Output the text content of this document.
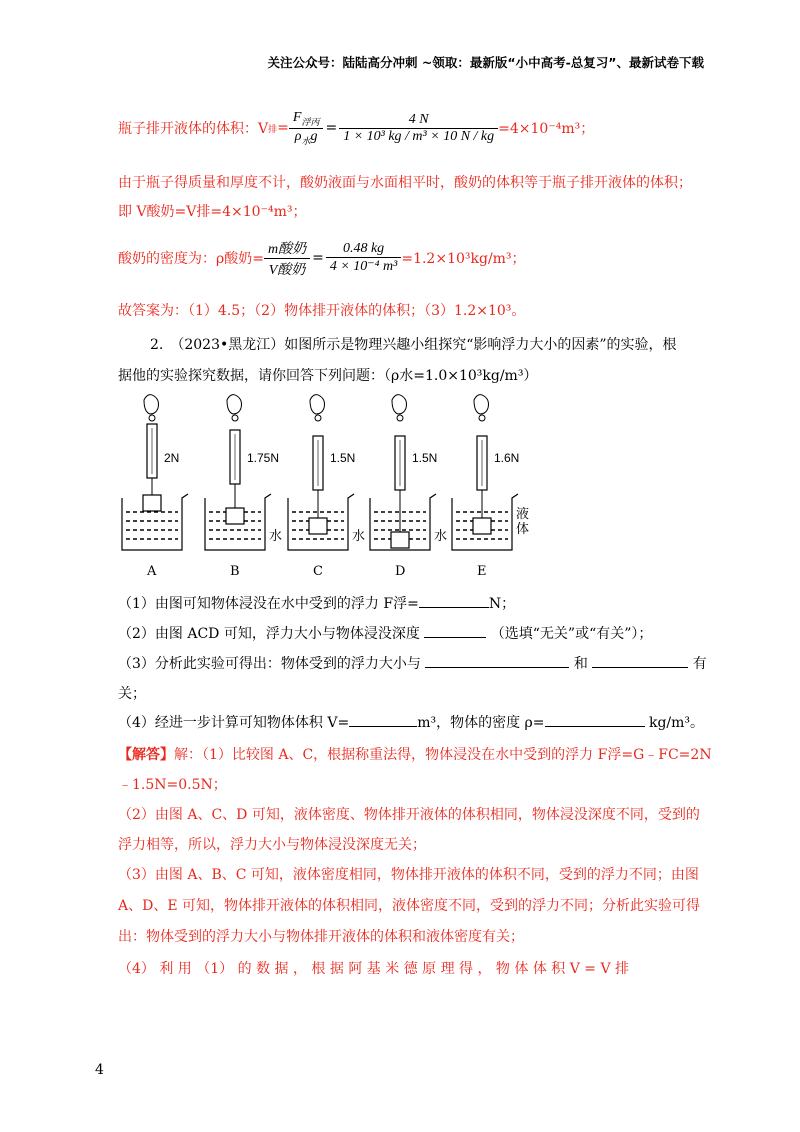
关注公众号：陆陆高分冲刺 ~领取：最新版“小中高考-总复习”、最新试卷下载
瓶子排开液体的体积：V 排 = $\frac{F_{浮丙}}{\rho_水g} = \frac{4 N}{\text{1 × 10³ kg / m³ × 10 N / kg}} =4\times 10^{-4}m^3$；
由于瓶子得质量和厚度不计，酸奶液面与水面相平时，酸奶的体积等于瓶子排开液体的体积；
即 V酸奶=V排=4×10⁻⁴m³；
酸奶的密度为：ρ酸奶= $\frac{\text{m酸奶}}{\text{V酸奶}} = \frac{0.48 kg}{\text{4 × 10⁻⁴ m³}} =1.2\times 10^3kg/m^3$；
故答案为：（1）4.5；（2）物体排开液体的体积；（3）1.2×10³。
2.　（2023•黑龙江）如图所示是物理兴趣小组探究“影响浮力大小的因素”的实验，根
据他的实验探究数据，请你回答下列问题：（ρ水=1.0×10³kg/m³）
2N
A
1.75N
水
B
1.5N
水
C
1.5N
水
D
1.6N
液体
E
（1）由图可知物体浸没在水中受到的浮力 F浮=	N；
（2）由图 ACD 可知，浮力大小与物体浸没深度	（选填“无关”或“有关”）；
（3）分析此实验可得出：物体受到的浮力大小与	和	有
关；
（4）经进一步计算可知物体体积 V=	m³，物体的密度 ρ=	kg/m³。
【解答】解：（1）比较图 A、C，根据称重法得，物体浸没在水中受到的浮力 F浮=G﹣FC=2N
﹣1.5N=0.5N；
（2）由图 A、C、D 可知，液体密度、物体排开液体的体积相同，物体浸没深度不同，受到的
浮力相等，所以，浮力大小与物体浸没深度无关；
（3）由图 A、B、C 可知，液体密度相同，物体排开液体的体积不同，受到的浮力不同；由图
A、D、E 可知，物体排开液体的体积相同，液体密度不同，受到的浮力不同；分析此实验可得
出：物体受到的浮力大小与物体排开液体的体积和液体密度有关；
（4） 利 用 （1） 的 数 据 ， 根 据 阿 基 米 德 原 理 得 ， 物 体 体 积 V = V 排
4
